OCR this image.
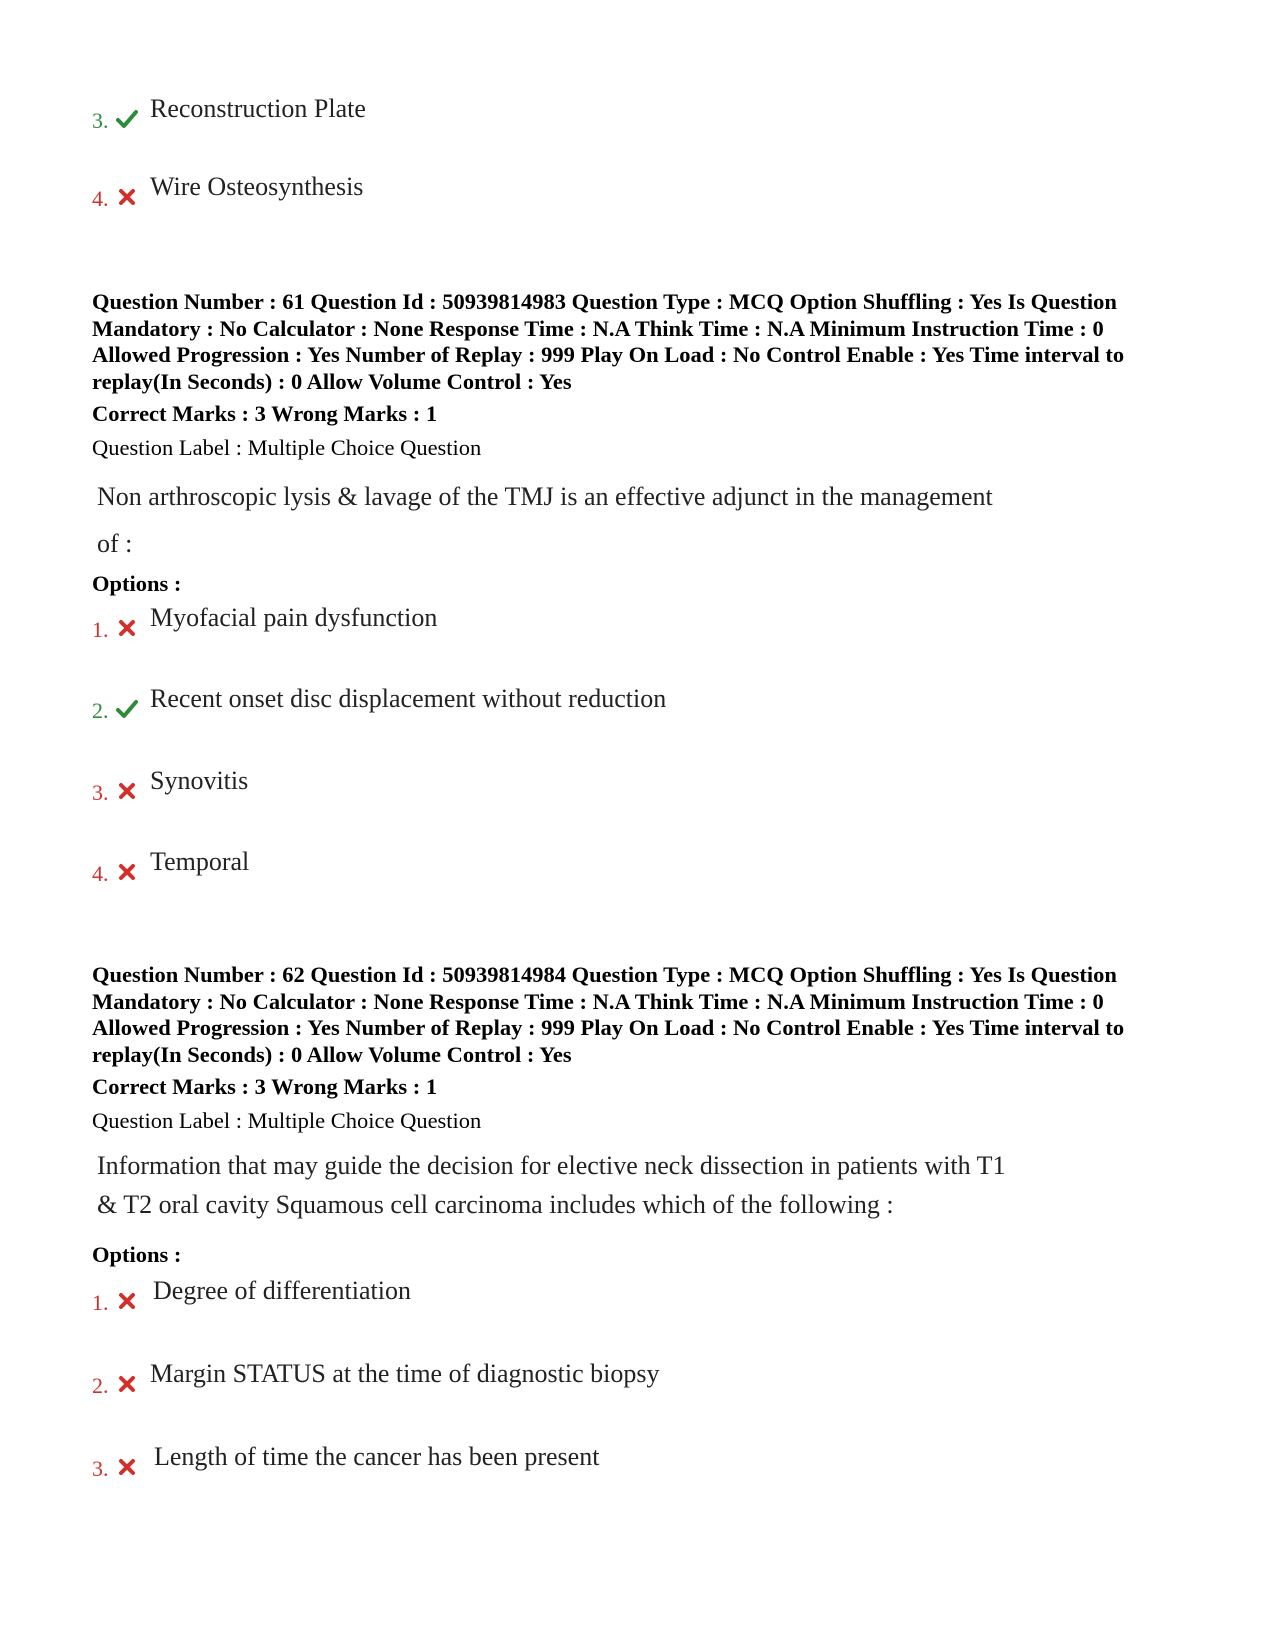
3. Reconstruction Plate
4. Wire Osteosynthesis
Question Number : 61 Question Id : 50939814983 Question Type : MCQ Option Shuffling : Yes Is Question Mandatory : No Calculator : None Response Time : N.A Think Time : N.A Minimum Instruction Time : 0 Allowed Progression : Yes Number of Replay : 999 Play On Load : No Control Enable : Yes Time interval to replay(In Seconds) : 0 Allow Volume Control : Yes
Correct Marks : 3 Wrong Marks : 1
Question Label : Multiple Choice Question
Non arthroscopic lysis & lavage of the TMJ is an effective adjunct in the management
of :
Options :
1. Myofacial pain dysfunction
2. Recent onset disc displacement without reduction
3. Synovitis
4. Temporal
Question Number : 62 Question Id : 50939814984 Question Type : MCQ Option Shuffling : Yes Is Question Mandatory : No Calculator : None Response Time : N.A Think Time : N.A Minimum Instruction Time : 0 Allowed Progression : Yes Number of Replay : 999 Play On Load : No Control Enable : Yes Time interval to replay(In Seconds) : 0 Allow Volume Control : Yes
Correct Marks : 3 Wrong Marks : 1
Question Label : Multiple Choice Question
Information that may guide the decision for elective neck dissection in patients with T1
& T2 oral cavity Squamous cell carcinoma includes which of the following :
Options :
1. Degree of differentiation
2. Margin STATUS at the time of diagnostic biopsy
3. Length of time the cancer has been present
